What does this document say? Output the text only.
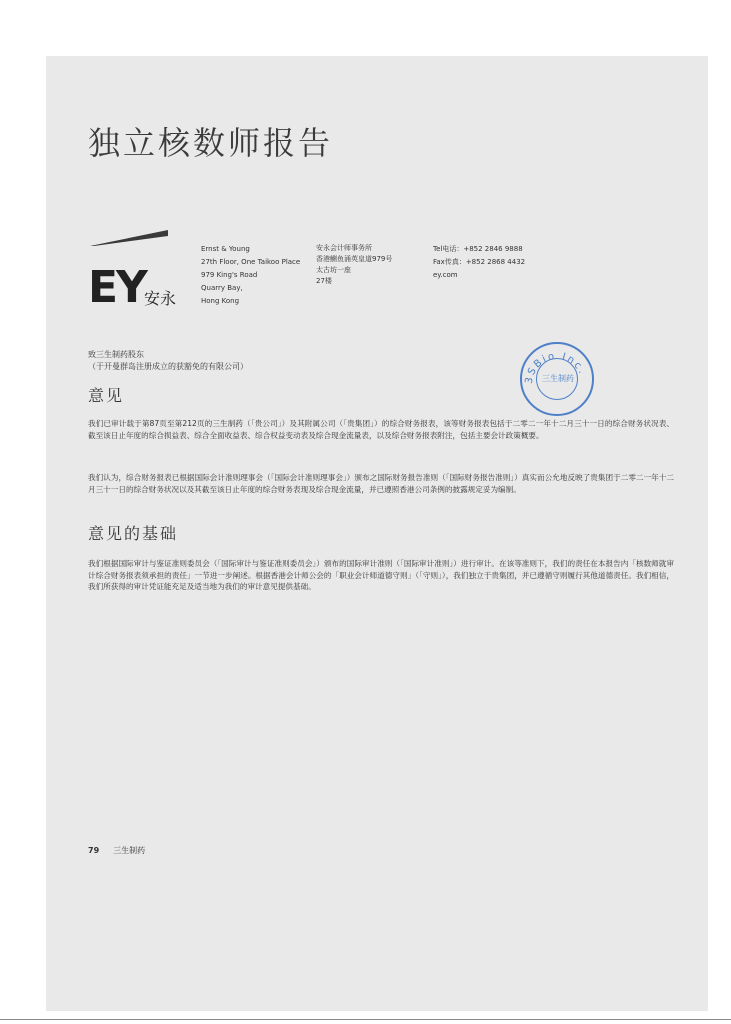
独立核数师报告
EY
安永
Ernst & Young
27th Floor, One Taikoo Place
979 King's Road
Quarry Bay,
Hong Kong
安永会计师事务所
香港鰂鱼涌英皇道979号
太古坊一座
27楼
Tel电话：+852 2846 9888
Fax传真：+852 2868 4432
ey.com
致三生制药股东
（于开曼群岛注册成立的获豁免的有限公司）
3SBio Inc.
三生制药
意见
我们已审计载于第87页至第212页的三生制药（「贵公司」）及其附属公司（「贵集团」）的综合财务报表，该等财务报表包括于二零二一年十二月三十一日的综合财务状况表、截至该日止年度的综合损益表、综合全面收益表、综合权益变动表及综合现金流量表，以及综合财务报表附注，包括主要会计政策概要。
我们认为，综合财务报表已根据国际会计准则理事会（「国际会计准则理事会」）颁布之国际财务报告准则（「国际财务报告准则」）真实而公允地反映了贵集团于二零二一年十二月三十一日的综合财务状况以及其截至该日止年度的综合财务表现及综合现金流量，并已遵照香港公司条例的披露规定妥为编制。
意见的基础
我们根据国际审计与鉴证准则委员会（「国际审计与鉴证准则委员会」）颁布的国际审计准则（「国际审计准则」）进行审计。在该等准则下，我们的责任在本报告内「核数师就审计综合财务报表须承担的责任」一节进一步阐述。根据香港会计师公会的「职业会计师道德守则」（「守则」），我们独立于贵集团，并已遵循守则履行其他道德责任。我们相信，我们所获得的审计凭证能充足及适当地为我们的审计意见提供基础。
79 三生制药
